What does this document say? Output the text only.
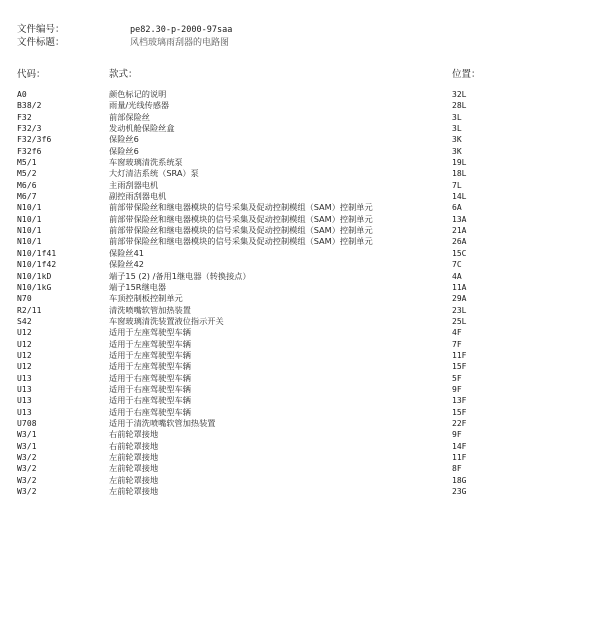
文件编号：	pe82.30-p-2000-97saa
文件标题：	风档玻璃雨刮器的电路图
代码：	款式：	位置：
A0	颜色标记的说明	32L
B38/2	雨量/光线传感器	28L
F32	前部保险丝	3L
F32/3	发动机舱保险丝盒	3L
F32/3f6	保险丝6	3K
F32f6	保险丝6	3K
M5/1	车窗玻璃清洗系统泵	19L
M5/2	大灯清洁系统（SRA）泵	18L
M6/6	主雨刮器电机	7L
M6/7	副控雨刮器电机	14L
N10/1	前部带保险丝和继电器模块的信号采集及促动控制模组（SAM）控制单元	6A
N10/1	前部带保险丝和继电器模块的信号采集及促动控制模组（SAM）控制单元	13A
N10/1	前部带保险丝和继电器模块的信号采集及促动控制模组（SAM）控制单元	21A
N10/1	前部带保险丝和继电器模块的信号采集及促动控制模组（SAM）控制单元	26A
N10/1f41	保险丝41	15C
N10/1f42	保险丝42	7C
N10/1kD	端子15 (2) /备用1继电器（转换接点）	4A
N10/1kG	端子15R继电器	11A
N70	车顶控制板控制单元	29A
R2/11	清洗喷嘴软管加热装置	23L
S42	车窗玻璃清洗装置液位指示开关	25L
U12	适用于左座驾驶型车辆	4F
U12	适用于左座驾驶型车辆	7F
U12	适用于左座驾驶型车辆	11F
U12	适用于左座驾驶型车辆	15F
U13	适用于右座驾驶型车辆	5F
U13	适用于右座驾驶型车辆	9F
U13	适用于右座驾驶型车辆	13F
U13	适用于右座驾驶型车辆	15F
U708	适用于清洗喷嘴软管加热装置	22F
W3/1	右前轮罩接地	9F
W3/1	右前轮罩接地	14F
W3/2	左前轮罩接地	11F
W3/2	左前轮罩接地	8F
W3/2	左前轮罩接地	18G
W3/2	左前轮罩接地	23G
